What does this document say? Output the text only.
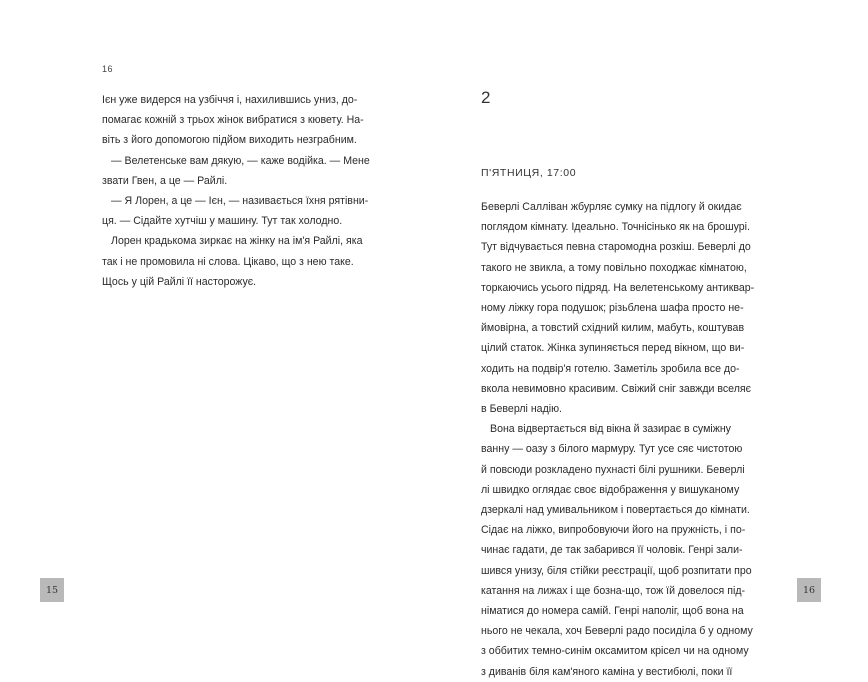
16
Ієн уже видерся на узбіччя і, нахилившись униз, до-
помагає кожній з трьох жінок вибратися з кювету. На-
віть з його допомогою підйом виходить незграбним.
— Велетенське вам дякую, — каже водійка. — Мене
звати Гвен, а це — Райлі.
— Я Лорен, а це — Ієн, — називається їхня рятівни-
ця. — Сідайте хутчіш у машину. Тут так холодно.
Лорен крадькома зиркає на жінку на ім'я Райлі, яка
так і не промовила ні слова. Цікаво, що з нею таке.
Щось у цій Райлі її насторожує.
15
2
П'ЯТНИЦЯ, 17:00
Беверлі Салліван жбурляє сумку на підлогу й окидає
поглядом кімнату. Ідеально. Точнісінько як на брошурі.
Тут відчувається певна старомодна розкіш. Беверлі до
такого не звикла, а тому повільно походжає кімнатою,
торкаючись усього підряд. На велетенському антиквар-
ному ліжку гора подушок; різьблена шафа просто не-
ймовірна, а товстий східний килим, мабуть, коштував
цілий статок. Жінка зупиняється перед вікном, що ви-
ходить на подвір'я готелю. Заметіль зробила все до-
вкола невимовно красивим. Свіжий сніг завжди вселяє
в Беверлі надію.
Вона відвертається від вікна й зазирає в суміжну
ванну — оазу з білого мармуру. Тут усе сяє чистотою
й повсюди розкладено пухнасті білі рушники. Беверлі
лі швидко оглядає своє відображення у вишуканому
дзеркалі над умивальником і повертається до кімнати.
Сідає на ліжко, випробовуючи його на пружність, і по-
чинає гадати, де так забарився її чоловік. Генрі зали-
шився унизу, біля стійки реєстрації, щоб розпитати про
катання на лижах і ще бозна-що, тож їй довелося під-
німатися до номера самій. Генрі наполіг, щоб вона на
нього не чекала, хоч Беверлі радо посиділа б у одному
з оббитих темно-синім оксамитом крісел чи на одному
з диванів біля кам'яного каміна у вестибюлі, поки її
16
